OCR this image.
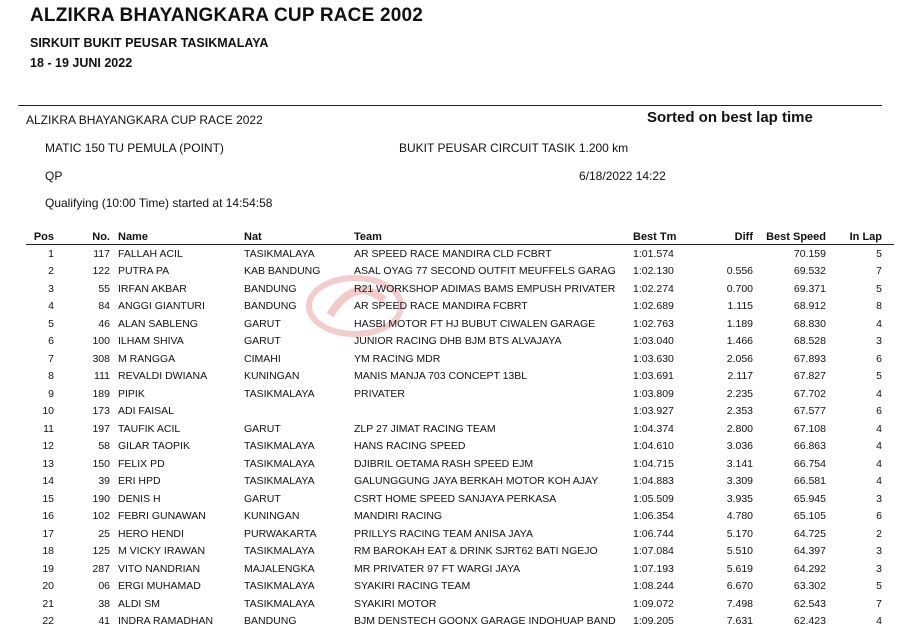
ALZIKRA BHAYANGKARA CUP RACE 2002
SIRKUIT BUKIT PEUSAR TASIKMALAYA
18 - 19 JUNI 2022
ALZIKRA BHAYANGKARA CUP RACE 2022	Sorted on best lap time
MATIC 150 TU PEMULA (POINT)	BUKIT PEUSAR CIRCUIT TASIK 1.200 km
QP	6/18/2022 14:22
Qualifying (10:00 Time) started at 14:54:58
Pos	No.	Name	Nat	Team	Best Tm	Diff	Best Speed	In Lap
1	117	FALLAH ACIL	TASIKMALAYA	AR SPEED RACE MANDIRA CLD FCBRT	1:01.574		70.159	5
2	122	PUTRA PA	KAB BANDUNG	ASAL OYAG 77 SECOND OUTFIT MEUFFELS GARAG	1:02.130	0.556	69.532	7
3	55	IRFAN AKBAR	BANDUNG	R21 WORKSHOP ADIMAS BAMS EMPUSH PRIVATER	1:02.274	0.700	69.371	5
4	84	ANGGI GIANTURI	BANDUNG	AR SPEED RACE MANDIRA FCBRT	1:02.689	1.115	68.912	8
5	46	ALAN SABLENG	GARUT	HASBI MOTOR FT HJ BUBUT CIWALEN GARAGE	1:02.763	1.189	68.830	4
6	100	ILHAM SHIVA	GARUT	JUNIOR RACING DHB BJM BTS ALVAJAYA	1:03.040	1.466	68.528	3
7	308	M RANGGA	CIMAHI	YM RACING MDR	1:03.630	2.056	67.893	6
8	111	REVALDI DWIANA	KUNINGAN	MANIS MANJA 703 CONCEPT 13BL	1:03.691	2.117	67.827	5
9	189	PIPIK	TASIKMALAYA	PRIVATER	1:03.809	2.235	67.702	4
10	173	ADI FAISAL			1:03.927	2.353	67.577	6
11	197	TAUFIK ACIL	GARUT	ZLP 27 JIMAT RACING TEAM	1:04.374	2.800	67.108	4
12	58	GILAR TAOPIK	TASIKMALAYA	HANS RACING SPEED	1:04.610	3.036	66.863	4
13	150	FELIX PD	TASIKMALAYA	DJIBRIL OETAMA RASH SPEED EJM	1:04.715	3.141	66.754	4
14	39	ERI HPD	TASIKMALAYA	GALUNGGUNG JAYA BERKAH MOTOR KOH AJAY	1:04.883	3.309	66.581	4
15	190	DENIS H	GARUT	CSRT HOME SPEED SANJAYA PERKASA	1:05.509	3.935	65.945	3
16	102	FEBRI GUNAWAN	KUNINGAN	MANDIRI RACING	1:06.354	4.780	65.105	6
17	25	HERO HENDI	PURWAKARTA	PRILLYS RACING TEAM ANISA JAYA	1:06.744	5.170	64.725	2
18	125	M VICKY IRAWAN	TASIKMALAYA	RM BAROKAH EAT & DRINK SJRT62 BATI NGEJO	1:07.084	5.510	64.397	3
19	287	VITO NANDRIAN	MAJALENGKA	MR PRIVATER 97 FT WARGI JAYA	1:07.193	5.619	64.292	3
20	06	ERGI MUHAMAD	TASIKMALAYA	SYAKIRI RACING TEAM	1:08.244	6.670	63.302	5
21	38	ALDI SM	TASIKMALAYA	SYAKIRI MOTOR	1:09.072	7.498	62.543	7
22	41	INDRA RAMADHAN	BANDUNG	BJM DENSTECH GOONX GARAGE INDOHUAP BAND	1:09.205	7.631	62.423	4
